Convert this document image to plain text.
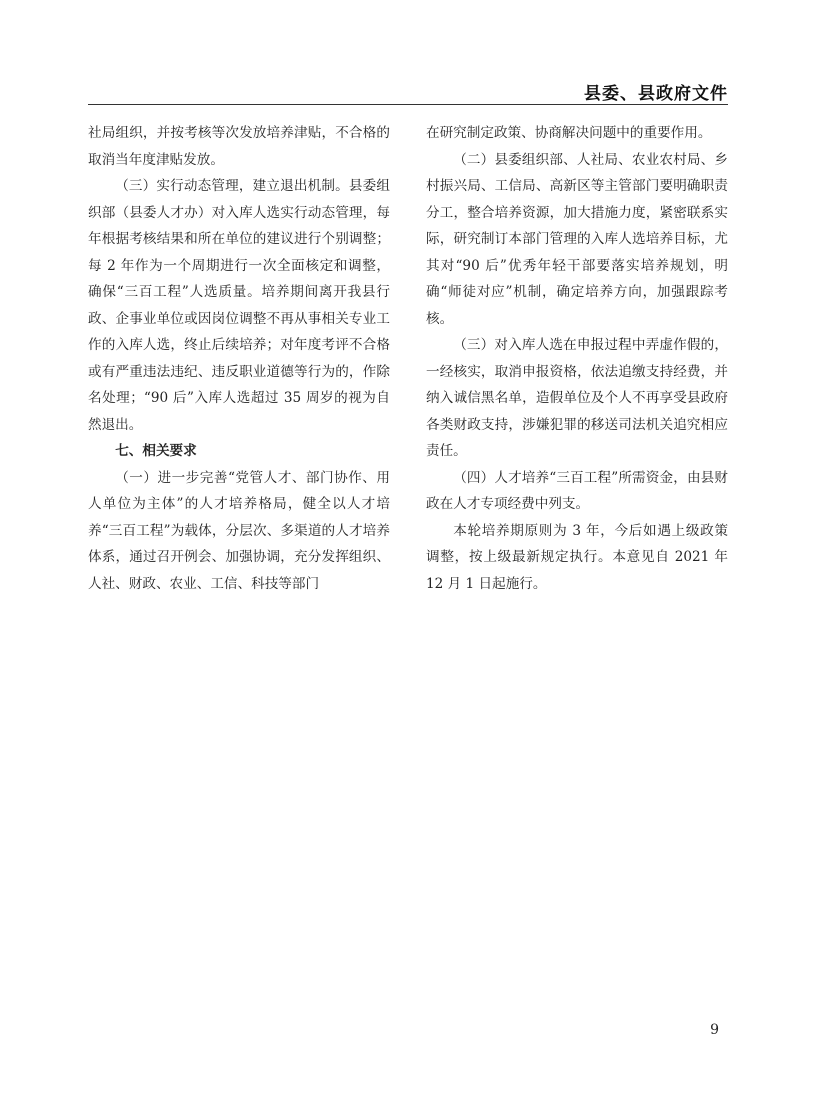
县委、县政府文件

社局组织，并按考核等次发放培养津贴，不合格的取消当年度津贴发放。

（三）实行动态管理，建立退出机制。县委组织部（县委人才办）对入库人选实行动态管理，每年根据考核结果和所在单位的建议进行个别调整；每 2 年作为一个周期进行一次全面核定和调整，确保“三百工程”人选质量。培养期间离开我县行政、企事业单位或因岗位调整不再从事相关专业工作的入库人选，终止后续培养；对年度考评不合格或有严重违法违纪、违反职业道德等行为的，作除名处理；“90 后”入库人选超过 35 周岁的视为自然退出。

七、相关要求

（一）进一步完善“党管人才、部门协作、用人单位为主体”的人才培养格局，健全以人才培养“三百工程”为载体，分层次、多渠道的人才培养体系，通过召开例会、加强协调，充分发挥组织、人社、财政、农业、工信、科技等部门

在研究制定政策、协商解决问题中的重要作用。

（二）县委组织部、人社局、农业农村局、乡村振兴局、工信局、高新区等主管部门要明确职责分工，整合培养资源，加大措施力度，紧密联系实际，研究制订本部门管理的入库人选培养目标，尤其对“90 后”优秀年轻干部要落实培养规划，明确“师徒对应”机制，确定培养方向，加强跟踪考核。

（三）对入库人选在申报过程中弄虚作假的，一经核实，取消申报资格，依法追缴支持经费，并纳入诚信黑名单，造假单位及个人不再享受县政府各类财政支持，涉嫌犯罪的移送司法机关追究相应责任。

（四）人才培养“三百工程”所需资金，由县财政在人才专项经费中列支。

本轮培养期原则为 3 年，今后如遇上级政策调整，按上级最新规定执行。本意见自 2021 年 12 月 1 日起施行。

9
